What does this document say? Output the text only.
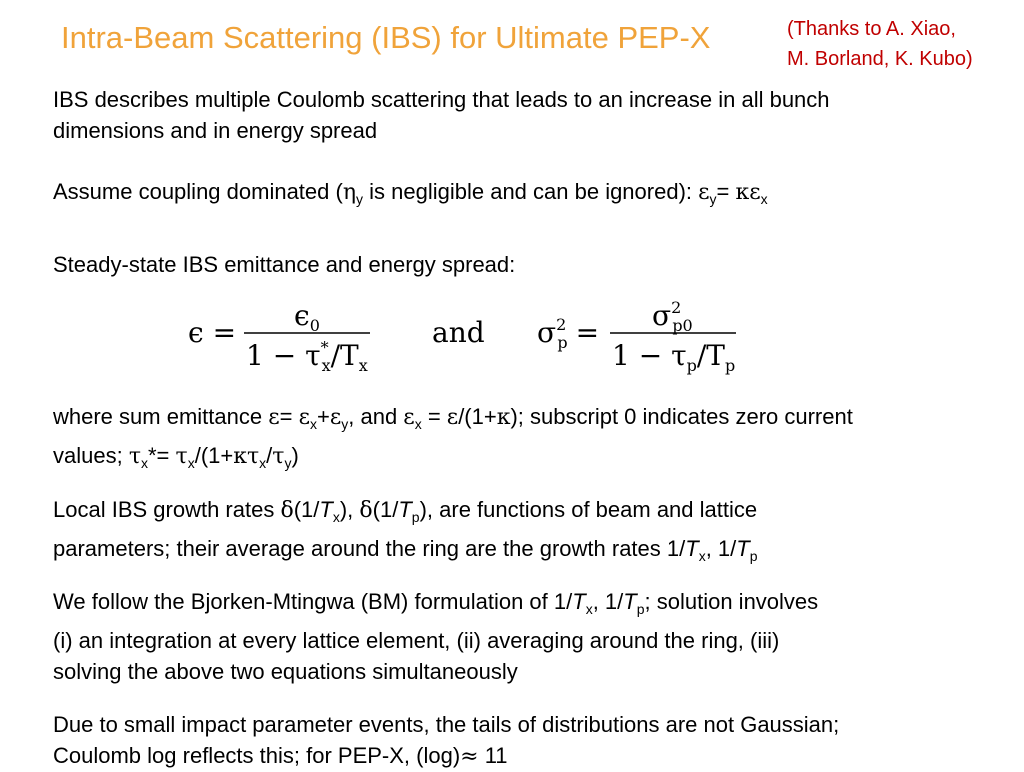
Intra-Beam Scattering (IBS) for Ultimate PEP-X	(Thanks to A. Xiao,
M. Borland, K. Kubo)
IBS describes multiple Coulomb scattering that leads to an increase in all bunch
dimensions and in energy spread
Assume coupling dominated ($\eta_y$ is negligible and can be ignored): $\varepsilon_y= \kappa\varepsilon_x$
Steady-state IBS emittance and energy spread:
ϵ =
$\epsilon_0$
1 − τ* $x/T_x$
and $\sigma^2$ p =
$\sigma^2$ p0
$1 - \tau_p/T_p$
where sum emittance $\varepsilon= \varepsilon_x+\varepsilon_y$, and $\varepsilon_x = \varepsilon/(1+\kappa)$; subscript 0 indicates zero current
values; $\tau_x*= \tau_x/(1+\kappa\tau_x/\tau_y)$
Local IBS growth rates $\delta(1/T_x)$, $\delta(1/T_p)$, are functions of beam and lattice
parameters; their average around the ring are the growth rates $1/T_x$, $1/T_p$
We follow the Bjorken-Mtingwa (BM) formulation of $1/T_x$, $1/T_p$; solution involves
(i) an integration at every lattice element, (ii) averaging around the ring, (iii)
solving the above two equations simultaneously
Due to small impact parameter events, the tails of distributions are not Gaussian;
Coulomb log reflects this; for PEP-X, (log)≈ 11
